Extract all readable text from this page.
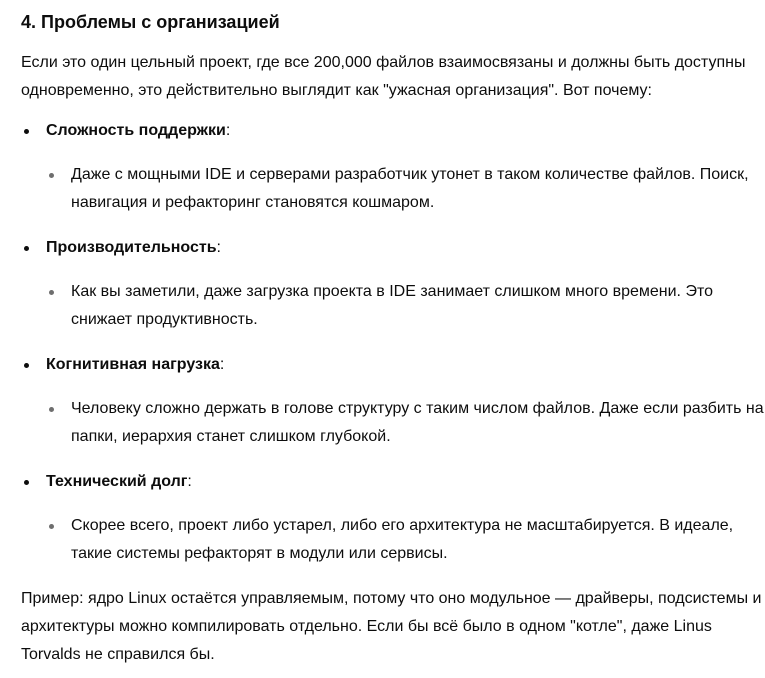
4. Проблемы с организацией

Если это один цельный проект, где все 200,000 файлов взаимосвязаны и должны быть доступны одновременно, это действительно выглядит как "ужасная организация". Вот почему:

Сложность поддержки:
Даже с мощными IDE и серверами разработчик утонет в таком количестве файлов. Поиск, навигация и рефакторинг становятся кошмаром.
Производительность:
Как вы заметили, даже загрузка проекта в IDE занимает слишком много времени. Это снижает продуктивность.
Когнитивная нагрузка:
Человеку сложно держать в голове структуру с таким числом файлов. Даже если разбить на папки, иерархия станет слишком глубокой.
Технический долг:
Скорее всего, проект либо устарел, либо его архитектура не масштабируется. В идеале, такие системы рефакторят в модули или сервисы.

Пример: ядро Linux остаётся управляемым, потому что оно модульное — драйверы, подсистемы и архитектуры можно компилировать отдельно. Если бы всё было в одном "котле", даже Linus Torvalds не справился бы.
